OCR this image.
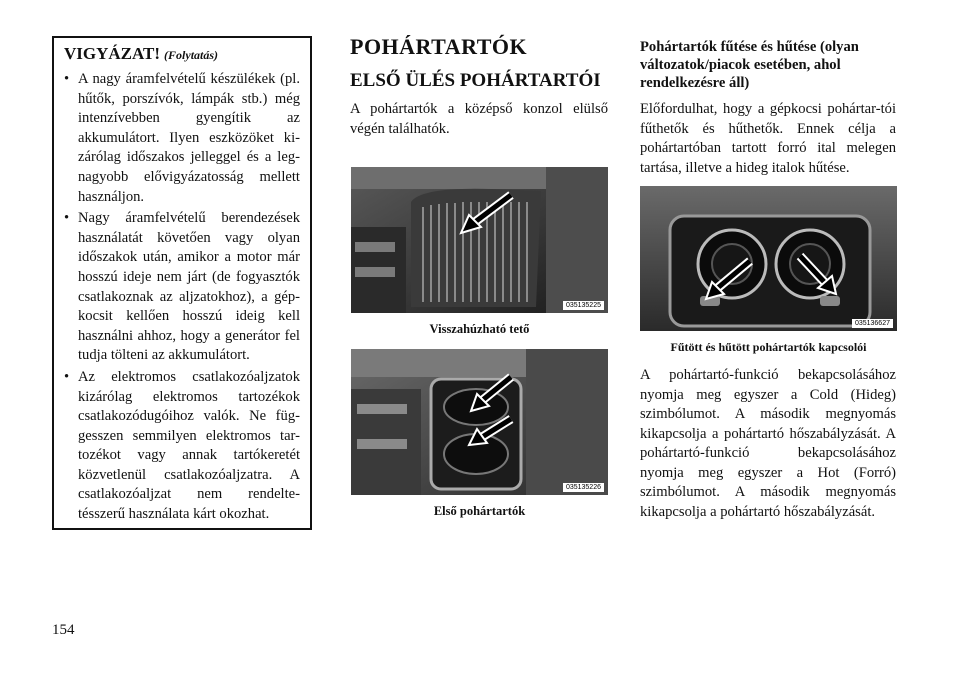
VIGYÁZAT! (Folytatás)
• A nagy áramfelvételű készülékek (pl. hűtők, porszívók, lámpák stb.) még intenzívebben gyengítik az akkumulátort. Ilyen eszközöket ki-zárólag időszakos jelleggel és a leg-nagyobb elővigyázatosság mellett használjon.
• Nagy áramfelvételű berendezések használatát követően vagy olyan időszakok után, amikor a motor már hosszú ideje nem járt (de fogyasztók csatlakoznak az aljzatokhoz), a gép-kocsit kellően hosszú ideig kell használni ahhoz, hogy a generátor fel tudja tölteni az akkumulátort.
• Az elektromos csatlakozóaljzatok kizárólag elektromos tartozékok csatlakozódugóihoz valók. Ne füg-gesszen semmilyen elektromos tar-tozékot vagy annak tartókeretét közvetlenül csatlakozóaljzatra. A csatlakozóaljzat nem rendelte-tésszerű használata kárt okozhat.
POHÁRTARTÓK
ELSŐ ÜLÉS POHÁRTARTÓI

A pohártartók a középső konzol elülső végén találhatók.

035135225
Visszahúzható tető
035135226
Első pohártartók
Pohártartók fűtése és hűtése (olyan változatok/piacok esetében, ahol rendelkezésre áll)

Előfordulhat, hogy a gépkocsi pohártar-tói fűthetők és hűthetők. Ennek célja a pohártartóban tartott forró ital melegen tartása, illetve a hideg italok hűtése.

035136627
Fűtött és hűtött pohártartók kapcsolói

A pohártartó-funkció bekapcsolásához nyomja meg egyszer a Cold (Hideg) szimbólumot. A második megnyomás kikapcsolja a pohártartó hőszabályzását. A pohártartó-funkció bekapcsolásához nyomja meg egyszer a Hot (Forró) szimbólumot. A második megnyomás kikapcsolja a pohártartó hőszabályzását.

154
